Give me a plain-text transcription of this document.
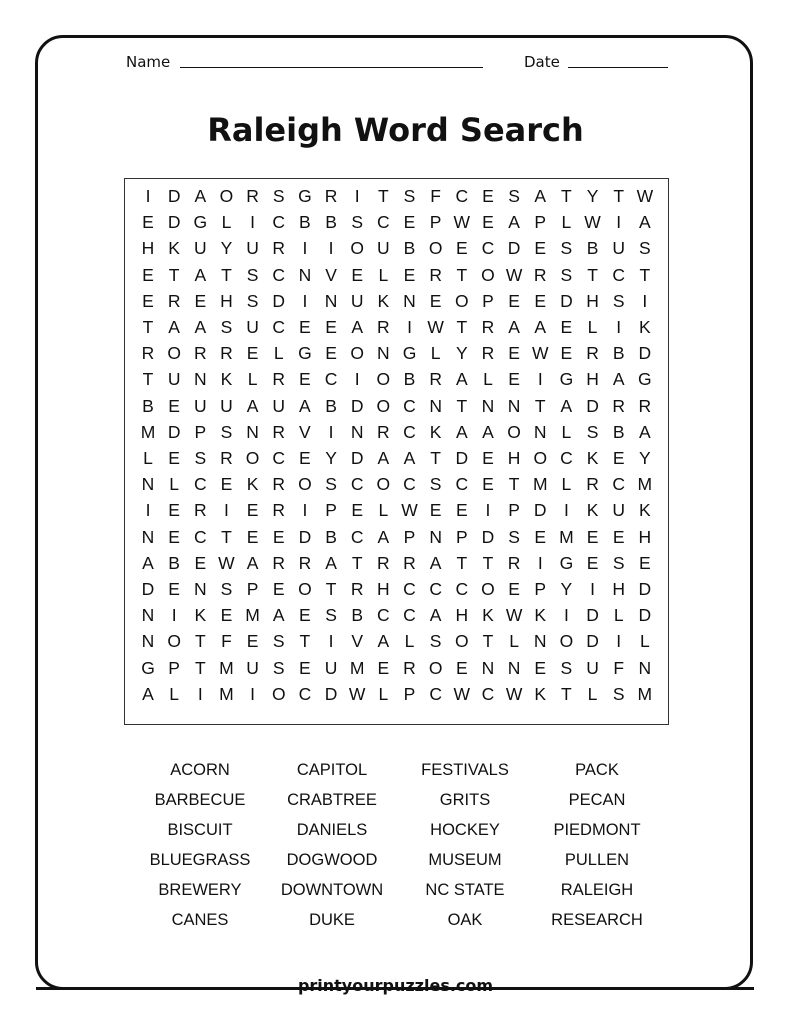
Name	Date
Raleigh Word Search
I D A O R S G R I	T S F C E S A T Y T W
E D G L	I C B B S C E P W E A P L W I	A
H K U Y U R I	I O U B O E C D E S B U S
E T A T S C N V E L E R T O W R S T C T
E R E H S D I N U K N E O P E E D H S	I
T A A S U C E E A R I W T R A A E L	I	K
R O R R E L G E O N G L Y R E W E R B D
T U N K L R E C I O B R A L E	I G H A G
B E U U A U A B D O C N T N N T A D R R
M D P S N R V	I N R C K A A O N L S B A
L E S R O C E Y D A A T D E H O C K E Y
N L C E K R O S C O C S C E T M L R C M
I	E R I	E R I	P E L W E E	I	P D I	K U K
N E C T E E D B C A P N P D S E M E E H
A B E W A R R A T R R A T T R I G E S E
D E N S P E O T R H C C C O E P Y	I H D
N I	K E M A E S B C C A H K W K	I D L D
N O T F E S T	I	V A L S O T L N O D I	L
G P T M U S E U M E R O E N N E S U F N
A L	I M I O C D W L P C W C W K T L S M
ACORN	CAPITOL	FESTIVALS	PACK
BARBECUE	CRABTREE	GRITS	PECAN
BISCUIT	DANIELS	HOCKEY	PIEDMONT
BLUEGRASS	DOGWOOD	MUSEUM	PULLEN
BREWERY	DOWNTOWN	NC STATE	RALEIGH
CANES	DUKE	OAK	RESEARCH
printyourpuzzles.com
